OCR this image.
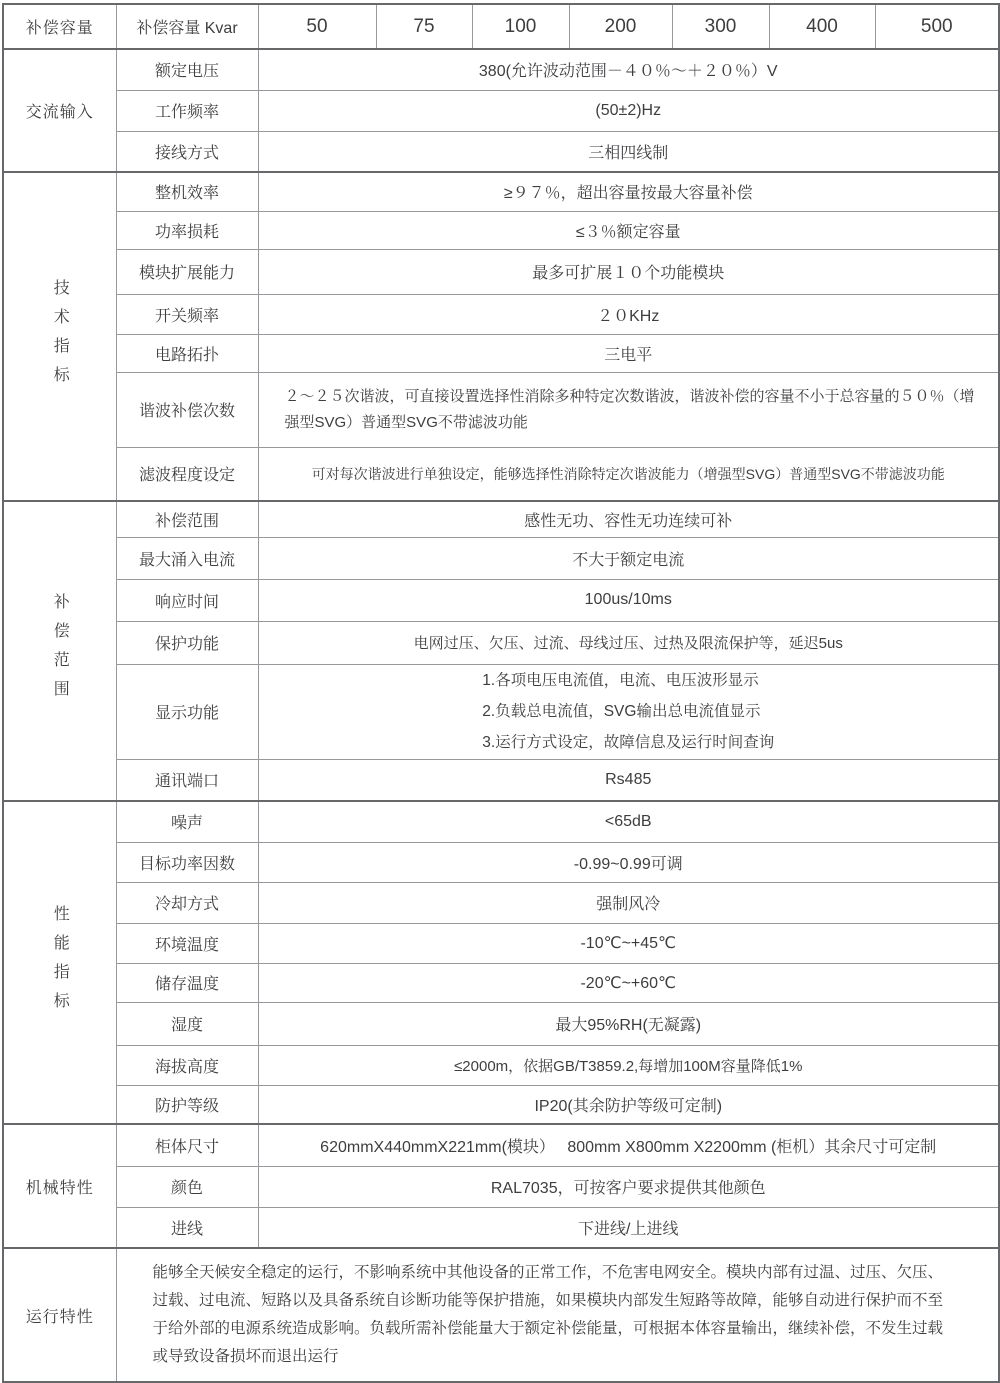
补偿容量	补偿容量 Kvar	50	75	100	200	300	400	500
交流输入	额定电压	380(允许波动范围－４０％～＋２０％）V						
	工作频率	(50±2)Hz						
	接线方式	三相四线制						
技术指标	整机效率	≥９７％，超出容量按最大容量补偿						
	功率损耗	≤３％额定容量						
	模块扩展能力	最多可扩展１０个功能模块						
	开关频率	２０KHz						
	电路拓扑	三电平						
	谐波补偿次数	２～２５次谐波，可直接设置选择性消除多种特定次数谐波，谐波补偿的容量不小于总容量的５０％（增强型SVG）普通型SVG不带滤波功能						
	滤波程度设定	可对每次谐波进行单独设定，能够选择性消除特定次谐波能力（增强型SVG）普通型SVG不带滤波功能						
补偿范围	补偿范围	感性无功、容性无功连续可补						
	最大涌入电流	不大于额定电流						
	响应时间	100us/10ms						
	保护功能	电网过压、欠压、过流、母线过压、过热及限流保护等，延迟5us						
	显示功能	1.各项电压电流值，电流、电压波形显示
2.负载总电流值，SVG输出总电流值显示
3.运行方式设定，故障信息及运行时间查询						

	通讯端口	Rs485						
性能指标	噪声	<65dB						
	目标功率因数	-0.99~0.99可调						
	冷却方式	强制风冷						
	环境温度	-10℃~+45℃						
	储存温度	-20℃~+60℃						
	湿度	最大95%RH(无凝露)						
	海拔高度	≤2000m，依据GB/T3859.2,每增加100M容量降低1%						
	防护等级	IP20(其余防护等级可定制)						
机械特性	柜体尺寸	620mmX440mmX221mm(模块）　 800mm X800mm X2200mm (柜机）其余尺寸可定制						
	颜色	RAL7035，可按客户要求提供其他颜色						
	进线	下进线/上进线						
运行特性	能够全天候安全稳定的运行，不影响系统中其他设备的正常工作，不危害电网安全。模块内部有过温、过压、欠压、过载、过电流、短路以及具备系统自诊断功能等保护措施，如果模块内部发生短路等故障，能够自动进行保护而不至于给外部的电源系统造成影响。负载所需补偿能量大于额定补偿能量，可根据本体容量输出，继续补偿，不发生过载或导致设备损坏而退出运行							
